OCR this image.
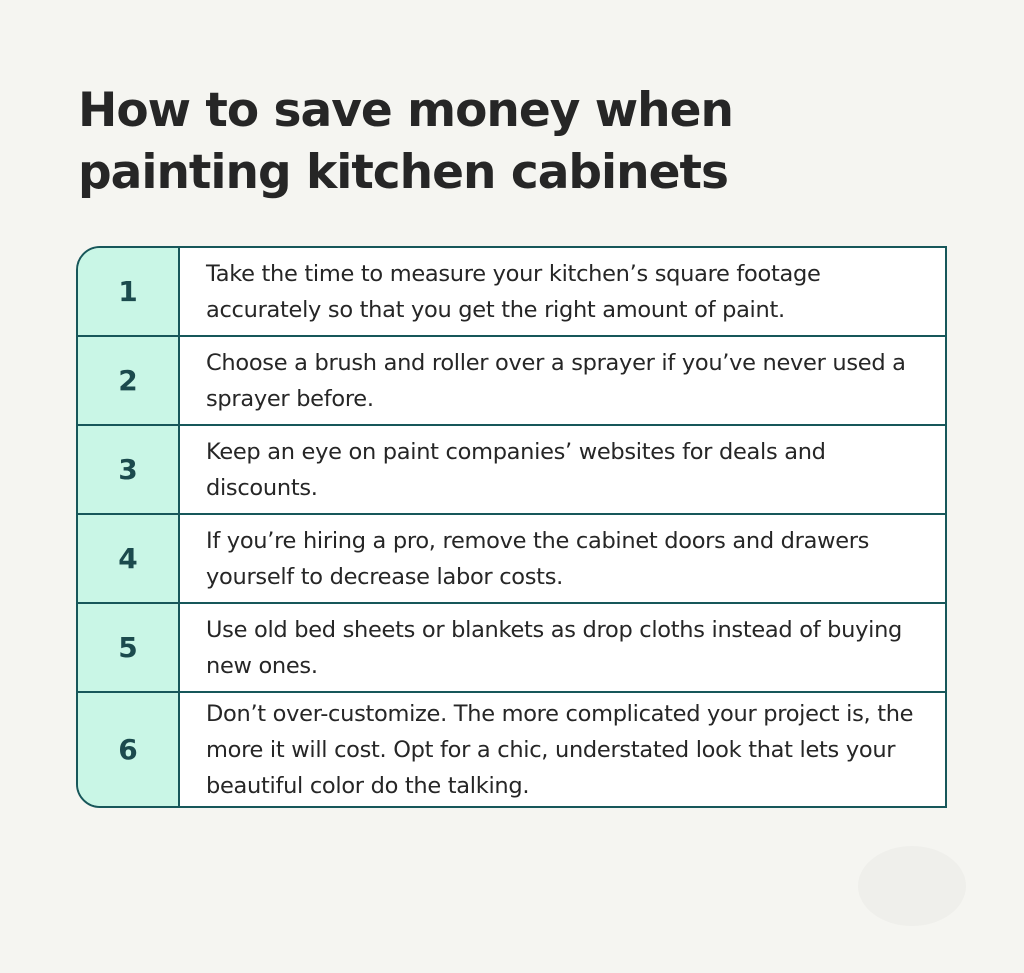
How to save money when
painting kitchen cabinets
1
Take the time to measure your kitchen’s square footage accurately so that you get the right amount of paint.
2
Choose a brush and roller over a sprayer if you’ve never used a sprayer before.
3
Keep an eye on paint companies’ websites for deals and discounts.
4
If you’re hiring a pro, remove the cabinet doors and drawers yourself to decrease labor costs.
5
Use old bed sheets or blankets as drop cloths instead of buying new ones.
6
Don’t over-customize. The more complicated your project is, the more it will cost. Opt for a chic, understated look that lets your beautiful color do the talking.
